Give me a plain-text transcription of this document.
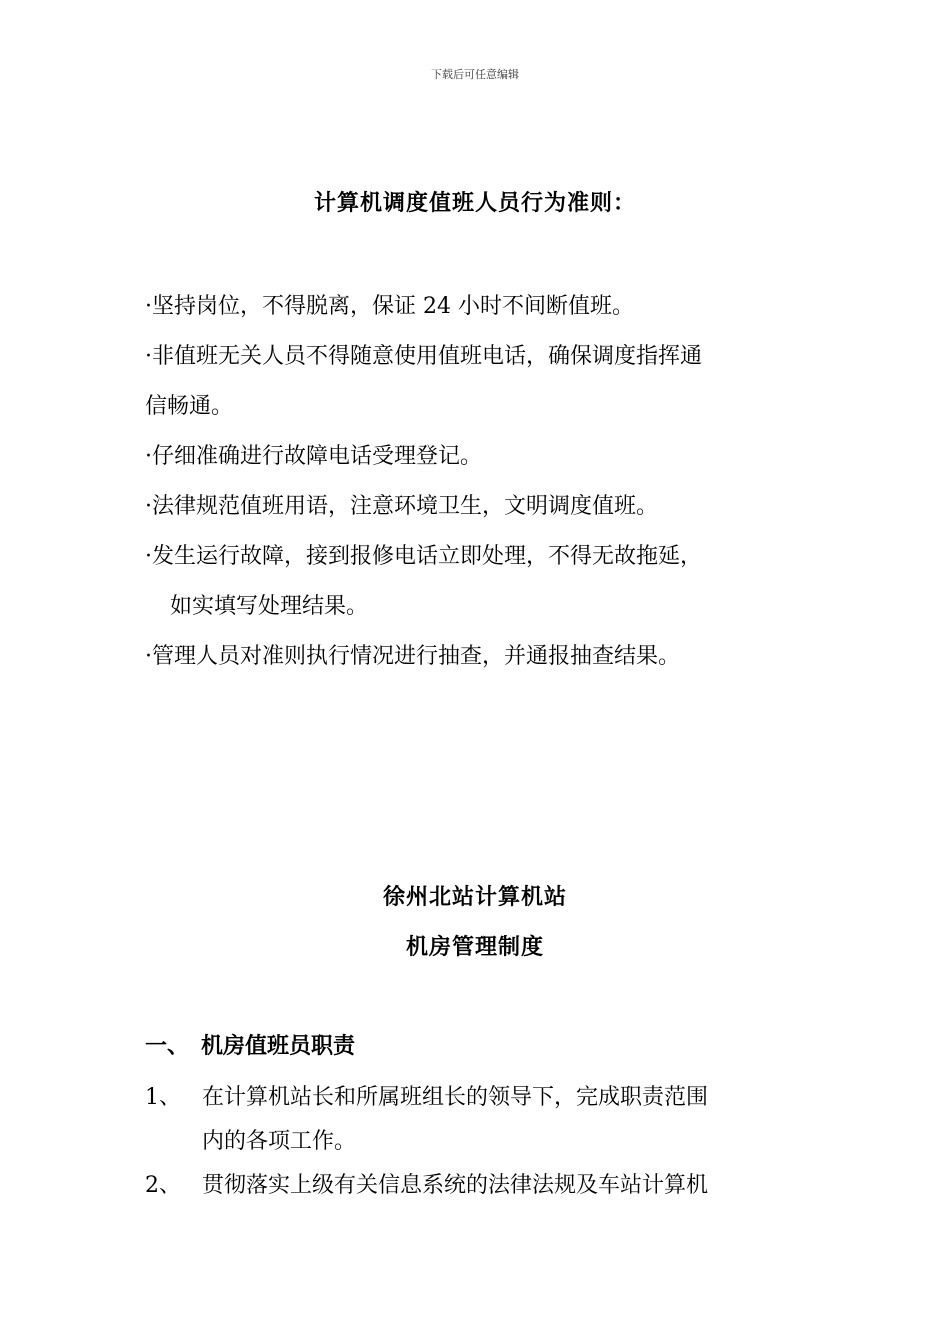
下载后可任意编辑
计算机调度值班人员行为准则：
·坚持岗位，不得脱离，保证 24 小时不间断值班。
·非值班无关人员不得随意使用值班电话，确保调度指挥通
信畅通。
·仔细准确进行故障电话受理登记。
·法律规范值班用语，注意环境卫生，文明调度值班。
·发生运行故障，接到报修电话立即处理，不得无故拖延，
如实填写处理结果。
·管理人员对准则执行情况进行抽查，并通报抽查结果。
徐州北站计算机站
机房管理制度
一、 机房值班员职责
1、 在计算机站长和所属班组长的领导下，完成职责范围
内的各项工作。
2、 贯彻落实上级有关信息系统的法律法规及车站计算机
